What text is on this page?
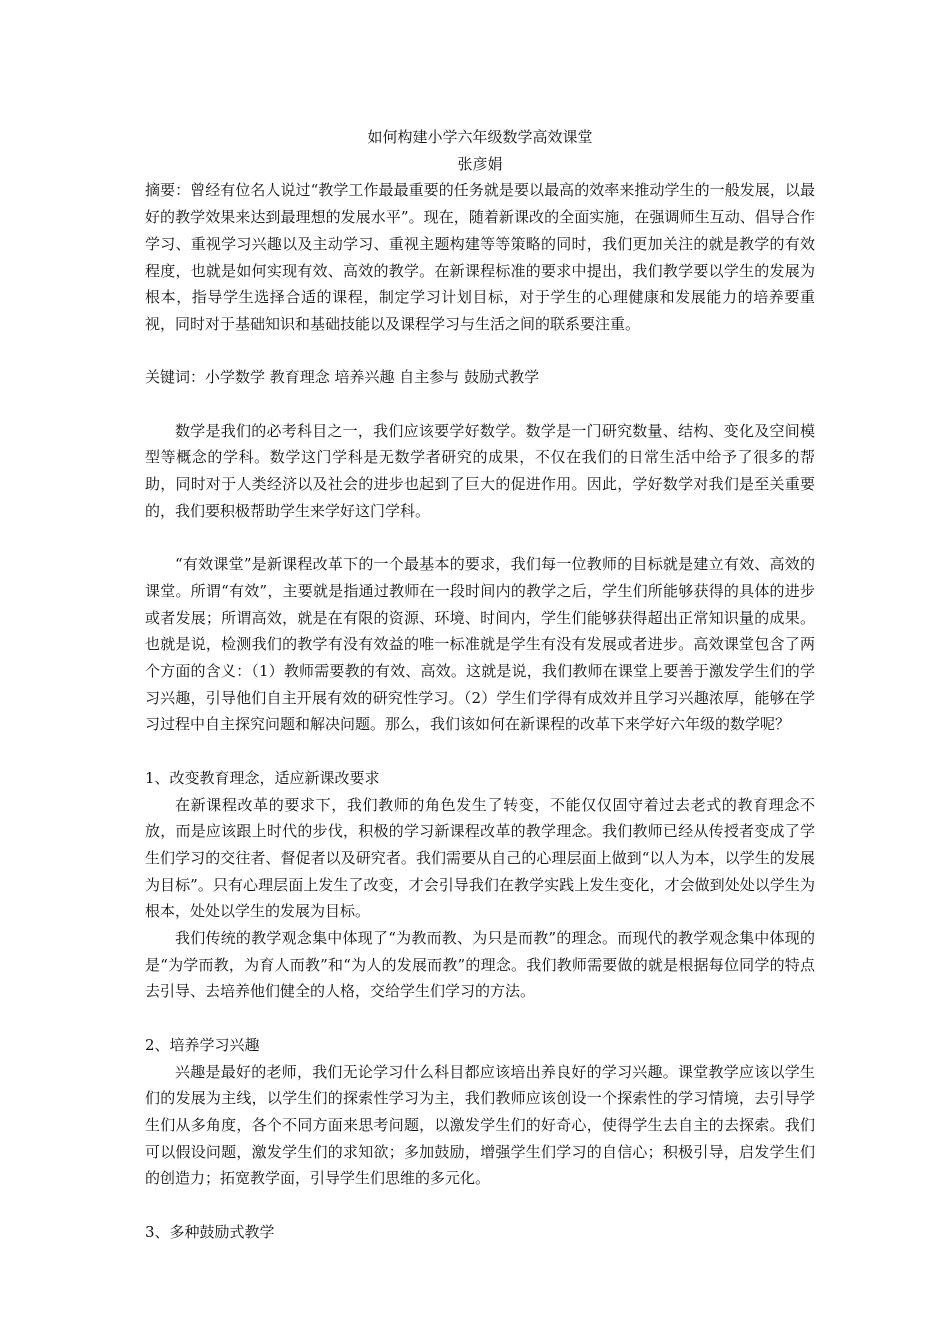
如何构建小学六年级数学高效课堂

张彦娟

摘要：曾经有位名人说过“教学工作最最重要的任务就是要以最高的效率来推动学生的一般发展，以最好的教学效果来达到最理想的发展水平”。现在，随着新课改的全面实施，在强调师生互动、倡导合作学习、重视学习兴趣以及主动学习、重视主题构建等等策略的同时，我们更加关注的就是教学的有效程度，也就是如何实现有效、高效的教学。在新课程标准的要求中提出，我们教学要以学生的发展为根本，指导学生选择合适的课程，制定学习计划目标，对于学生的心理健康和发展能力的培养要重视，同时对于基础知识和基础技能以及课程学习与生活之间的联系要注重。

关键词：小学数学 教育理念 培养兴趣 自主参与 鼓励式教学

数学是我们的必考科目之一，我们应该要学好数学。数学是一门研究数量、结构、变化及空间模型等概念的学科。数学这门学科是无数学者研究的成果，不仅在我们的日常生活中给予了很多的帮助，同时对于人类经济以及社会的进步也起到了巨大的促进作用。因此，学好数学对我们是至关重要的，我们要积极帮助学生来学好这门学科。

“有效课堂”是新课程改革下的一个最基本的要求，我们每一位教师的目标就是建立有效、高效的课堂。所谓“有效”，主要就是指通过教师在一段时间内的教学之后，学生们所能够获得的具体的进步或者发展；所谓高效，就是在有限的资源、环境、时间内，学生们能够获得超出正常知识量的成果。也就是说，检测我们的教学有没有效益的唯一标准就是学生有没有发展或者进步。高效课堂包含了两个方面的含义：（1）教师需要教的有效、高效。这就是说，我们教师在课堂上要善于激发学生们的学习兴趣，引导他们自主开展有效的研究性学习。（2）学生们学得有成效并且学习兴趣浓厚，能够在学习过程中自主探究问题和解决问题。那么，我们该如何在新课程的改革下来学好六年级的数学呢？

1、改变教育理念，适应新课改要求

在新课程改革的要求下，我们教师的角色发生了转变，不能仅仅固守着过去老式的教育理念不放，而是应该跟上时代的步伐，积极的学习新课程改革的教学理念。我们教师已经从传授者变成了学生们学习的交往者、督促者以及研究者。我们需要从自己的心理层面上做到“以人为本，以学生的发展为目标”。只有心理层面上发生了改变，才会引导我们在教学实践上发生变化，才会做到处处以学生为根本，处处以学生的发展为目标。

我们传统的教学观念集中体现了“为教而教、为只是而教”的理念。而现代的教学观念集中体现的是“为学而教，为育人而教”和“为人的发展而教”的理念。我们教师需要做的就是根据每位同学的特点去引导、去培养他们健全的人格，交给学生们学习的方法。

2、培养学习兴趣

兴趣是最好的老师，我们无论学习什么科目都应该培出养良好的学习兴趣。课堂教学应该以学生们的发展为主线，以学生们的探索性学习为主，我们教师应该创设一个探索性的学习情境，去引导学生们从多角度，各个不同方面来思考问题，以激发学生们的好奇心，使得学生去自主的去探索。我们可以假设问题，激发学生们的求知欲；多加鼓励，增强学生们学习的自信心；积极引导，启发学生们的创造力；拓宽教学面，引导学生们思维的多元化。

3、多种鼓励式教学
